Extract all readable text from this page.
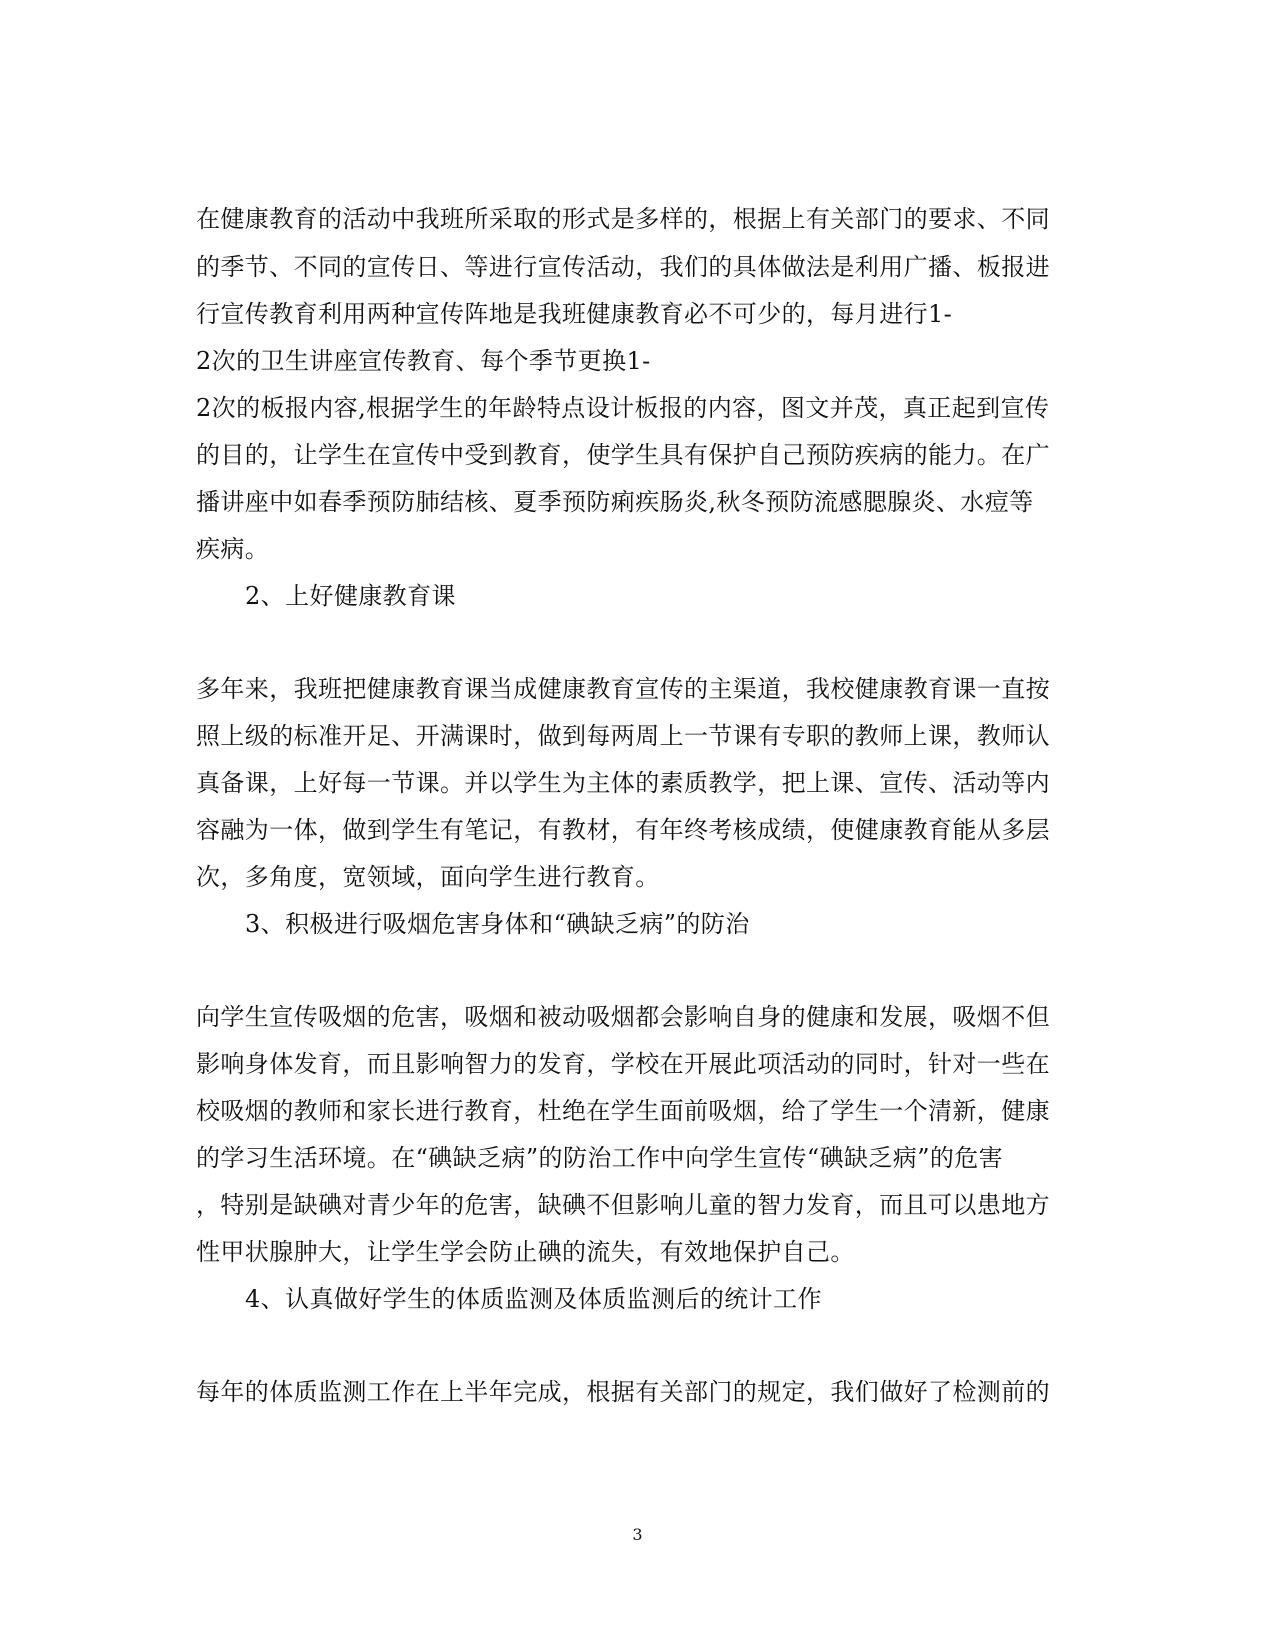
在健康教育的活动中我班所采取的形式是多样的，根据上有关部门的要求、不同
的季节、不同的宣传日、等进行宣传活动，我们的具体做法是利用广播、板报进
行宣传教育利用两种宣传阵地是我班健康教育必不可少的，每月进行1-
2次的卫生讲座宣传教育、每个季节更换1-
2次的板报内容,根据学生的年龄特点设计板报的内容，图文并茂，真正起到宣传
的目的，让学生在宣传中受到教育，使学生具有保护自己预防疾病的能力。在广
播讲座中如春季预防肺结核、夏季预防痢疾肠炎,秋冬预防流感腮腺炎、水痘等
疾病。
2、上好健康教育课
多年来，我班把健康教育课当成健康教育宣传的主渠道，我校健康教育课一直按
照上级的标准开足、开满课时，做到每两周上一节课有专职的教师上课，教师认
真备课，上好每一节课。并以学生为主体的素质教学，把上课、宣传、活动等内
容融为一体，做到学生有笔记，有教材，有年终考核成绩，使健康教育能从多层
次，多角度，宽领域，面向学生进行教育。
3、积极进行吸烟危害身体和“碘缺乏病”的防治
向学生宣传吸烟的危害，吸烟和被动吸烟都会影响自身的健康和发展，吸烟不但
影响身体发育，而且影响智力的发育，学校在开展此项活动的同时，针对一些在
校吸烟的教师和家长进行教育，杜绝在学生面前吸烟，给了学生一个清新，健康
的学习生活环境。在“碘缺乏病”的防治工作中向学生宣传“碘缺乏病”的危害
，特别是缺碘对青少年的危害，缺碘不但影响儿童的智力发育，而且可以患地方
性甲状腺肿大，让学生学会防止碘的流失，有效地保护自己。
4、认真做好学生的体质监测及体质监测后的统计工作
每年的体质监测工作在上半年完成，根据有关部门的规定，我们做好了检测前的
3
